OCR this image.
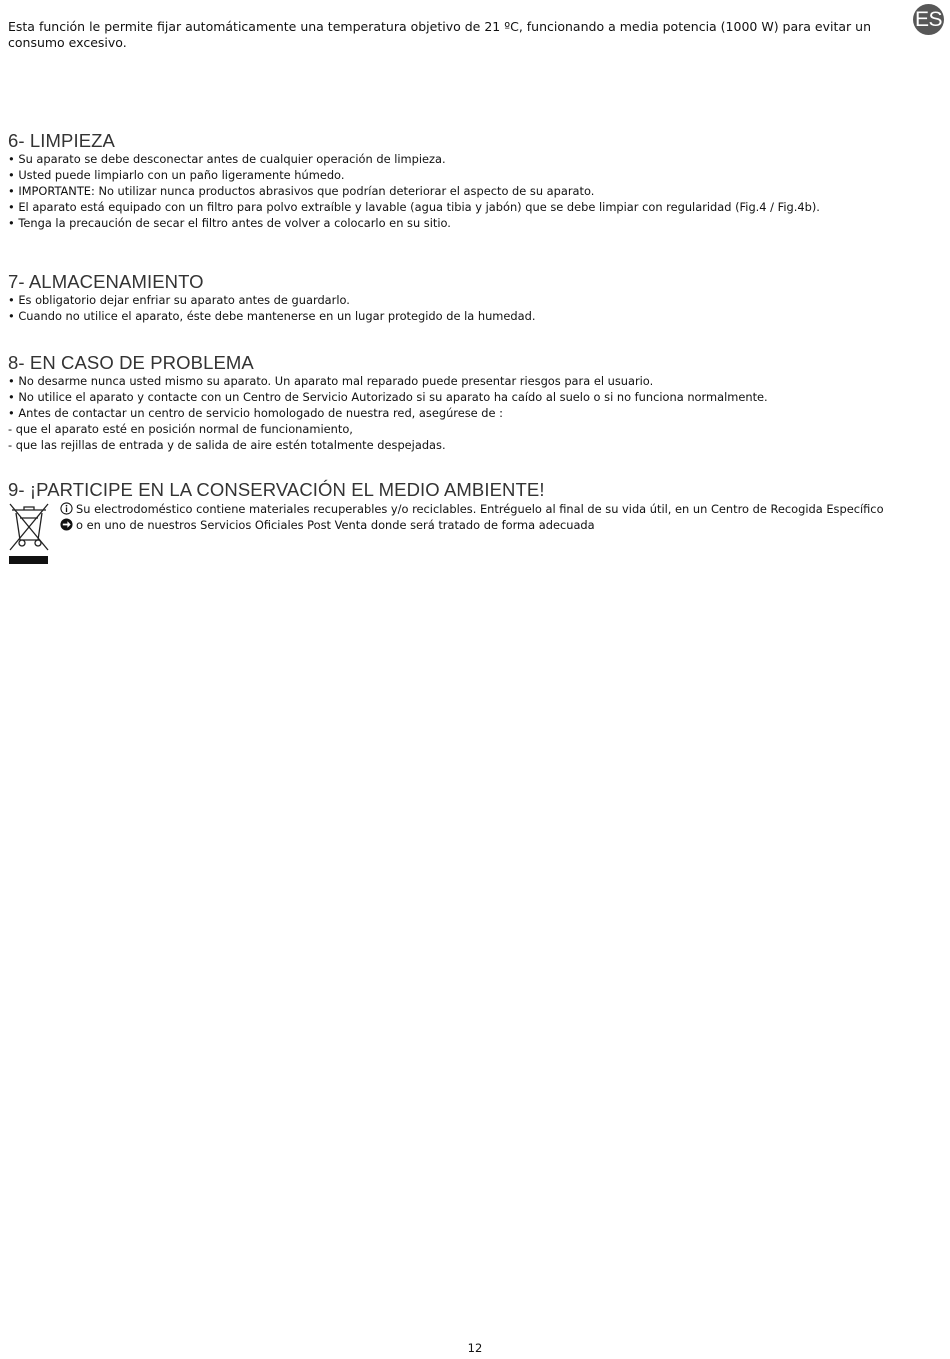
Esta función le permite fijar automáticamente una temperatura objetivo de 21 ºC, funcionando a media potencia (1000 W) para evitar un consumo excesivo.

ES
6- LIMPIEZA
• Su aparato se debe desconectar antes de cualquier operación de limpieza.
• Usted puede limpiarlo con un paño ligeramente húmedo.
• IMPORTANTE: No utilizar nunca productos abrasivos que podrían deteriorar el aspecto de su aparato.
• El aparato está equipado con un filtro para polvo extraíble y lavable (agua tibia y jabón) que se debe limpiar con regularidad (Fig.4 / Fig.4b).
• Tenga la precaución de secar el filtro antes de volver a colocarlo en su sitio.
7- ALMACENAMIENTO
• Es obligatorio dejar enfriar su aparato antes de guardarlo.
• Cuando no utilice el aparato, éste debe mantenerse en un lugar protegido de la humedad.
8- EN CASO DE PROBLEMA
• No desarme nunca usted mismo su aparato. Un aparato mal reparado puede presentar riesgos para el usuario.
• No utilice el aparato y contacte con un Centro de Servicio Autorizado si su aparato ha caído al suelo o si no funciona normalmente.
• Antes de contactar un centro de servicio homologado de nuestra red, asegúrese de :
- que el aparato esté en posición normal de funcionamiento,
- que las rejillas de entrada y de salida de aire estén totalmente despejadas.
9- ¡PARTICIPE EN LA CONSERVACIÓN EL MEDIO AMBIENTE!
Su electrodoméstico contiene materiales recuperables y/o reciclables. Entréguelo al final de su vida útil, en un Centro de Recogida Específico
o en uno de nuestros Servicios Oficiales Post Venta donde será tratado de forma adecuada
12
